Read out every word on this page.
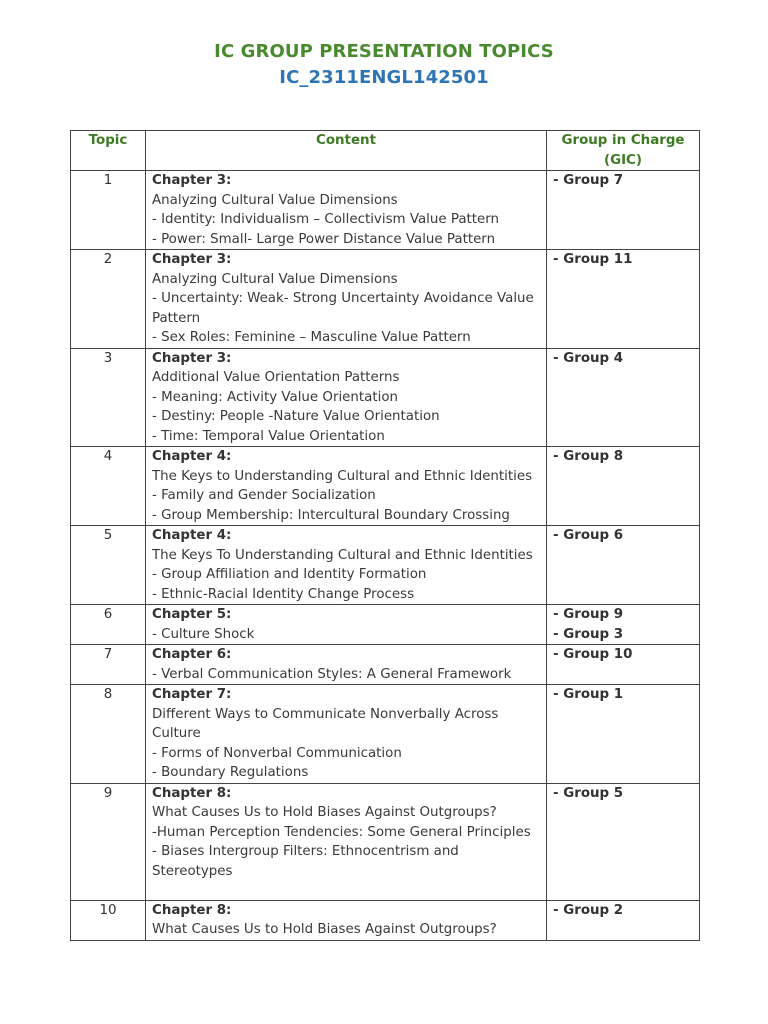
IC GROUP PRESENTATION TOPICS
IC_2311ENGL142501
Topic	Content	Group in Charge (GIC)
1	Chapter 3:
Analyzing Cultural Value Dimensions
- Identity: Individualism – Collectivism Value Pattern
- Power: Small- Large Power Distance Value Pattern	- Group 7

2	Chapter 3:
Analyzing Cultural Value Dimensions
- Uncertainty: Weak- Strong Uncertainty Avoidance Value Pattern
- Sex Roles: Feminine – Masculine Value Pattern	- Group 11

3	Chapter 3:
Additional Value Orientation Patterns
- Meaning: Activity Value Orientation
- Destiny: People -Nature Value Orientation
- Time: Temporal Value Orientation	- Group 4

4	Chapter 4:
The Keys to Understanding Cultural and Ethnic Identities
- Family and Gender Socialization
- Group Membership: Intercultural Boundary Crossing	- Group 8

5	Chapter 4:
The Keys To Understanding Cultural and Ethnic Identities
- Group Affiliation and Identity Formation
- Ethnic-Racial Identity Change Process	- Group 6

6	Chapter 5:
- Culture Shock	- Group 9
- Group 3

7	Chapter 6:
- Verbal Communication Styles: A General Framework	- Group 10

8	Chapter 7:
Different Ways to Communicate Nonverbally Across Culture
- Forms of Nonverbal Communication
- Boundary Regulations	- Group 1

9	Chapter 8:
What Causes Us to Hold Biases Against Outgroups?
-Human Perception Tendencies: Some General Principles
- Biases Intergroup Filters: Ethnocentrism and Stereotypes	- Group 5

10	Chapter 8:
What Causes Us to Hold Biases Against Outgroups?	- Group 2
